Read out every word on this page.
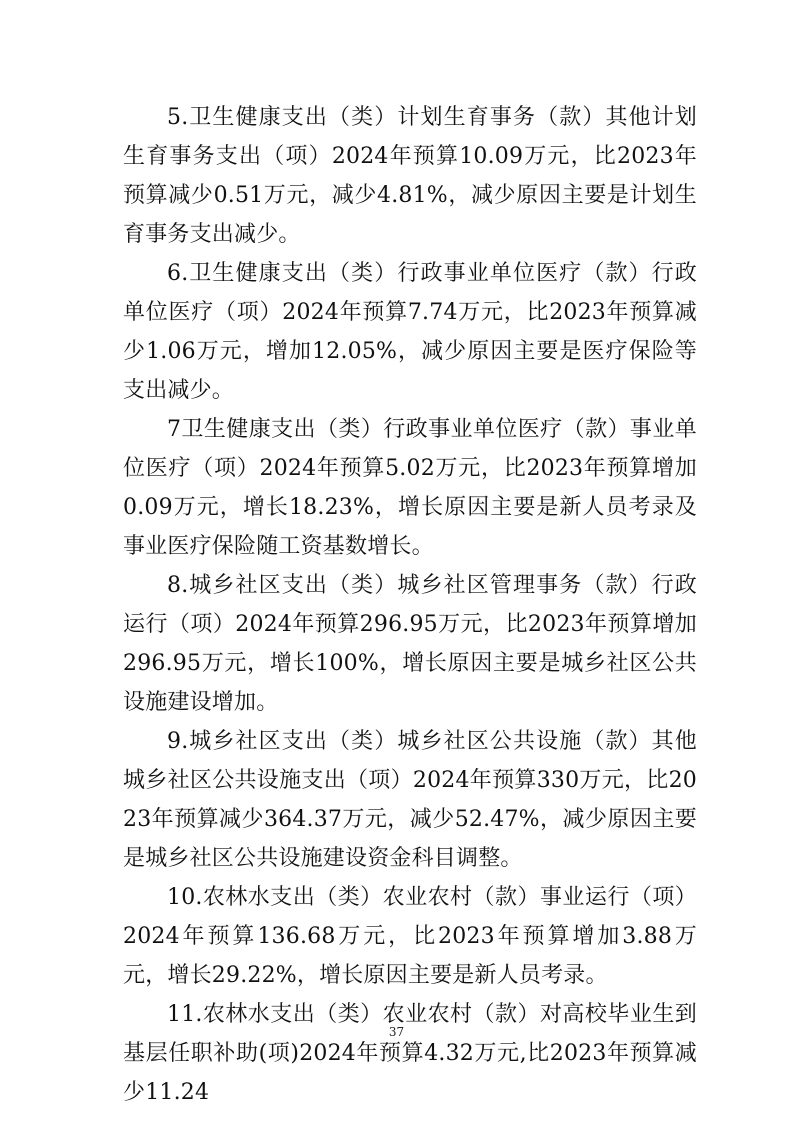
5.卫生健康支出（类）计划生育事务（款）其他计划生育事务支出（项）2024年预算10.09万元，比2023年预算减少0.51万元，减少4.81%，减少原因主要是计划生育事务支出减少。

6.卫生健康支出（类）行政事业单位医疗（款）行政单位医疗（项）2024年预算7.74万元，比2023年预算减少1.06万元，增加12.05%，减少原因主要是医疗保险等支出减少。

7卫生健康支出（类）行政事业单位医疗（款）事业单位医疗（项）2024年预算5.02万元，比2023年预算增加0.09万元，增长18.23%，增长原因主要是新人员考录及事业医疗保险随工资基数增长。

8.城乡社区支出（类）城乡社区管理事务（款）行政运行（项）2024年预算296.95万元，比2023年预算增加296.95万元，增长100%，增长原因主要是城乡社区公共设施建设增加。

9.城乡社区支出（类）城乡社区公共设施（款）其他城乡社区公共设施支出（项）2024年预算330万元，比2023年预算减少364.37万元，减少52.47%，减少原因主要是城乡社区公共设施建设资金科目调整。

10.农林水支出（类）农业农村（款）事业运行（项）2024年预算136.68万元，比2023年预算增加3.88万元，增长29.22%，增长原因主要是新人员考录。

11.农林水支出（类）农业农村（款）对高校毕业生到基层任职补助(项)2024年预算4.32万元,比2023年预算减少11.24

37
